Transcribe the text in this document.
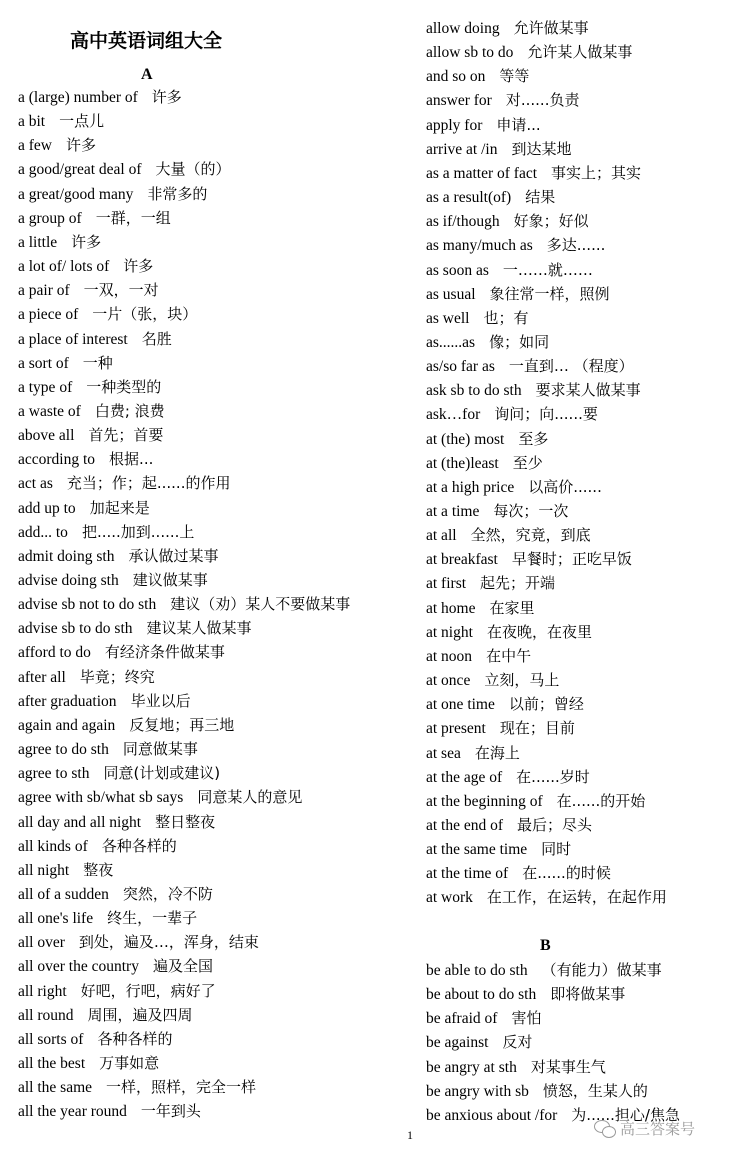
高中英语词组大全
A
a (large) number of 许多
a bit 一点儿
a few 许多
a good/great deal of 大量（的）
a great/good many 非常多的
a group of 一群，一组
a little 许多
a lot of/ lots of 许多
a pair of 一双，一对
a piece of 一片（张，块）
a place of interest 名胜
a sort of 一种
a type of 一种类型的
a waste of 白费; 浪费
above all 首先；首要
according to 根据...
act as 充当；作；起......的作用
add up to 加起来是
add... to 把.....加到......上
admit doing sth 承认做过某事
advise doing sth 建议做某事
advise sb not to do sth 建议（劝）某人不要做某事
advise sb to do sth 建议某人做某事
afford to do 有经济条件做某事
after all 毕竟；终究
after graduation 毕业以后
again and again 反复地；再三地
agree to do sth 同意做某事
agree to sth 同意(计划或建议)
agree with sb/what sb says 同意某人的意见
all day and all night 整日整夜
all kinds of 各种各样的
all night 整夜
all of a sudden 突然，冷不防
all one's life 终生，一辈子
all over 到处，遍及…，浑身，结束
all over the country 遍及全国
all right 好吧，行吧，病好了
all round 周围，遍及四周
all sorts of 各种各样的
all the best 万事如意
all the same 一样，照样，完全一样
all the year round 一年到头
allow doing 允许做某事
allow sb to do 允许某人做某事
and so on 等等
answer for 对......负责
apply for 申请...
arrive at /in 到达某地
as a matter of fact 事实上；其实
as a result(of) 结果
as if/though 好象；好似
as many/much as 多达......
as soon as 一……就……
as usual 象往常一样，照例
as well 也；有
as......as 像；如同
as/so far as 一直到… （程度）
ask sb to do sth 要求某人做某事
ask…for 询问；向......要
at (the) most 至多
at (the)least 至少
at a high price 以高价......
at a time 每次；一次
at all 全然，究竟，到底
at breakfast 早餐时；正吃早饭
at first 起先；开端
at home 在家里
at night 在夜晚，在夜里
at noon 在中午
at once 立刻，马上
at one time 以前；曾经
at present 现在；目前
at sea 在海上
at the age of 在......岁时
at the beginning of 在......的开始
at the end of 最后；尽头
at the same time 同时
at the time of 在......的时候
at work 在工作，在运转，在起作用
B
be able to do sth （有能力）做某事
be about to do sth 即将做某事
be afraid of 害怕
be against 反对
be angry at sth 对某事生气
be angry with sb 愤怒，生某人的
be anxious about /for 为......担心/焦急
1	高三答案号
